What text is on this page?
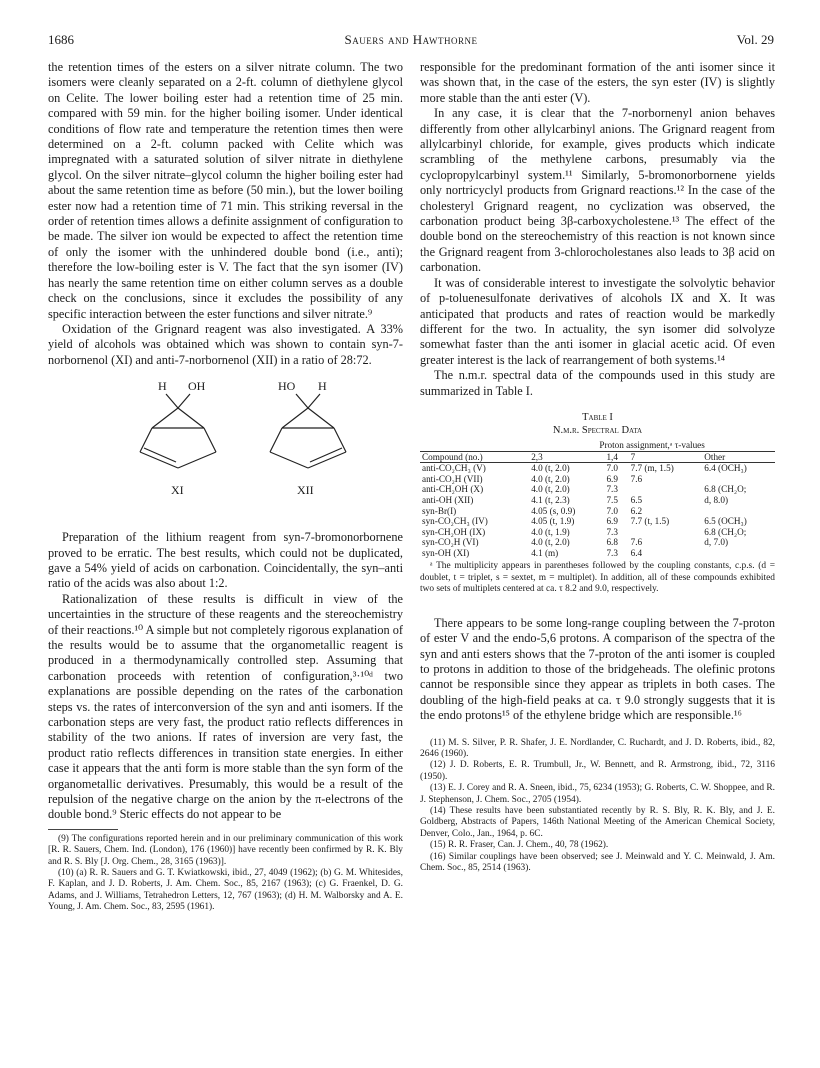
1686	Sauers and Hawthorne	Vol. 29

the retention times of the esters on a silver nitrate column. The two isomers were cleanly separated on a 2-ft. column of diethylene glycol on Celite. The lower boiling ester had a retention time of 25 min. compared with 59 min. for the higher boiling isomer. Under identical conditions of flow rate and temperature the retention times then were determined on a 2-ft. column packed with Celite which was impregnated with a saturated solution of silver nitrate in diethylene glycol. On the silver nitrate–glycol column the higher boiling ester had about the same retention time as before (50 min.), but the lower boiling ester now had a retention time of 71 min. This striking reversal in the order of retention times allows a definite assignment of configuration to be made. The silver ion would be expected to affect the retention time of only the isomer with the unhindered double bond (i.e., anti); therefore the low-boiling ester is V. The fact that the syn isomer (IV) has nearly the same retention time on either column serves as a double check on the conclusions, since it excludes the possibility of any specific interaction between the ester functions and silver nitrate.⁹

Oxidation of the Grignard reagent was also investigated. A 33% yield of alcohols was obtained which was shown to contain syn-7-norbornenol (XI) and anti-7-norbornenol (XII) in a ratio of 28:72.

H OH
XI
HO H
XII

Preparation of the lithium reagent from syn-7-bromonorbornene proved to be erratic. The best results, which could not be duplicated, gave a 54% yield of acids on carbonation. Coincidentally, the syn–anti ratio of the acids was also about 1:2.

Rationalization of these results is difficult in view of the uncertainties in the structure of these reagents and the stereochemistry of their reactions.¹⁰ A simple but not completely rigorous explanation of the results would be to assume that the organometallic reagent is produced in a thermodynamically controlled step. Assuming that carbonation proceeds with retention of configuration,³·¹⁰ᵈ two explanations are possible depending on the rates of the carbonation steps vs. the rates of interconversion of the syn and anti isomers. If the carbonation steps are very fast, the product ratio reflects differences in stability of the two anions. If rates of inversion are very fast, the product ratio reflects differences in transition state energies. In either case it appears that the anti form is more stable than the syn form of the organometallic derivatives. Presumably, this would be a result of the repulsion of the negative charge on the anion by the π-electrons of the double bond.⁹ Steric effects do not appear to be

(9) The configurations reported herein and in our preliminary communication of this work [R. R. Sauers, Chem. Ind. (London), 176 (1960)] have recently been confirmed by R. K. Bly and R. S. Bly [J. Org. Chem., 28, 3165 (1963)].

(10) (a) R. R. Sauers and G. T. Kwiatkowski, ibid., 27, 4049 (1962); (b) G. M. Whitesides, F. Kaplan, and J. D. Roberts, J. Am. Chem. Soc., 85, 2167 (1963); (c) G. Fraenkel, D. G. Adams, and J. Williams, Tetrahedron Letters, 12, 767 (1963); (d) H. M. Walborsky and A. E. Young, J. Am. Chem. Soc., 83, 2595 (1961).

responsible for the predominant formation of the anti isomer since it was shown that, in the case of the esters, the syn ester (IV) is slightly more stable than the anti ester (V).

In any case, it is clear that the 7-norbornenyl anion behaves differently from other allylcarbinyl anions. The Grignard reagent from allylcarbinyl chloride, for example, gives products which indicate scrambling of the methylene carbons, presumably via the cyclopropylcarbinyl system.¹¹ Similarly, 5-bromonorbornene yields only nortricyclyl products from Grignard reactions.¹² In the case of the cholesteryl Grignard reagent, no cyclization was observed, the carbonation product being 3β-carboxycholestene.¹³ The effect of the double bond on the stereochemistry of this reaction is not known since the Grignard reagent from 3-chlorocholestanes also leads to 3β acid on carbonation.

It was of considerable interest to investigate the solvolytic behavior of p-toluenesulfonate derivatives of alcohols IX and X. It was anticipated that products and rates of reaction would be markedly different for the two. In actuality, the syn isomer did solvolyze somewhat faster than the anti isomer in glacial acetic acid. Of even greater interest is the lack of rearrangement of both systems.¹⁴

The n.m.r. spectral data of the compounds used in this study are summarized in Table I.

Table I
N.m.r. Spectral Data
	Proton assignment,ᵃ τ-values			
Compound (no.)	2,3	1,4	7	Other
anti-CO₂CH₃ (V)	4.0 (t, 2.0)	7.0	7.7 (m, 1.5)	6.4 (OCH₃)
anti-CO₂H (VII)	4.0 (t, 2.0)	6.9	7.6	
anti-CH₂OH (X)	4.0 (t, 2.0)	7.3		6.8 (CH₂O;
anti-OH (XII)	4.1 (t, 2.3)	7.5	6.5	d, 8.0)
syn-Br(I)	4.05 (s, 0.9)	7.0	6.2	
syn-CO₂CH₃ (IV)	4.05 (t, 1.9)	6.9	7.7 (t, 1.5)	6.5 (OCH₃)
syn-CH₂OH (IX)	4.0 (t, 1.9)	7.3		6.8 (CH₂O;
syn-CO₂H (VI)	4.0 (t, 2.0)	6.8	7.6	d, 7.0)
syn-OH (XI)	4.1 (m)	7.3	6.4	
ᵃ The multiplicity appears in parentheses followed by the coupling constants, c.p.s. (d = doublet, t = triplet, s = sextet, m = multiplet). In addition, all of these compounds exhibited two sets of multiplets centered at ca. τ 8.2 and 9.0, respectively.

There appears to be some long-range coupling between the 7-proton of ester V and the endo-5,6 protons. A comparison of the spectra of the syn and anti esters shows that the 7-proton of the anti isomer is coupled to protons in addition to those of the bridgeheads. The olefinic protons cannot be responsible since they appear as triplets in both cases. The doubling of the high-field peaks at ca. τ 9.0 strongly suggests that it is the endo protons¹⁵ of the ethylene bridge which are responsible.¹⁶

(11) M. S. Silver, P. R. Shafer, J. E. Nordlander, C. Ruchardt, and J. D. Roberts, ibid., 82, 2646 (1960).

(12) J. D. Roberts, E. R. Trumbull, Jr., W. Bennett, and R. Armstrong, ibid., 72, 3116 (1950).

(13) E. J. Corey and R. A. Sneen, ibid., 75, 6234 (1953); G. Roberts, C. W. Shoppee, and R. J. Stephenson, J. Chem. Soc., 2705 (1954).

(14) These results have been substantiated recently by R. S. Bly, R. K. Bly, and J. E. Goldberg, Abstracts of Papers, 146th National Meeting of the American Chemical Society, Denver, Colo., Jan., 1964, p. 6C.

(15) R. R. Fraser, Can. J. Chem., 40, 78 (1962).

(16) Similar couplings have been observed; see J. Meinwald and Y. C. Meinwald, J. Am. Chem. Soc., 85, 2514 (1963).
